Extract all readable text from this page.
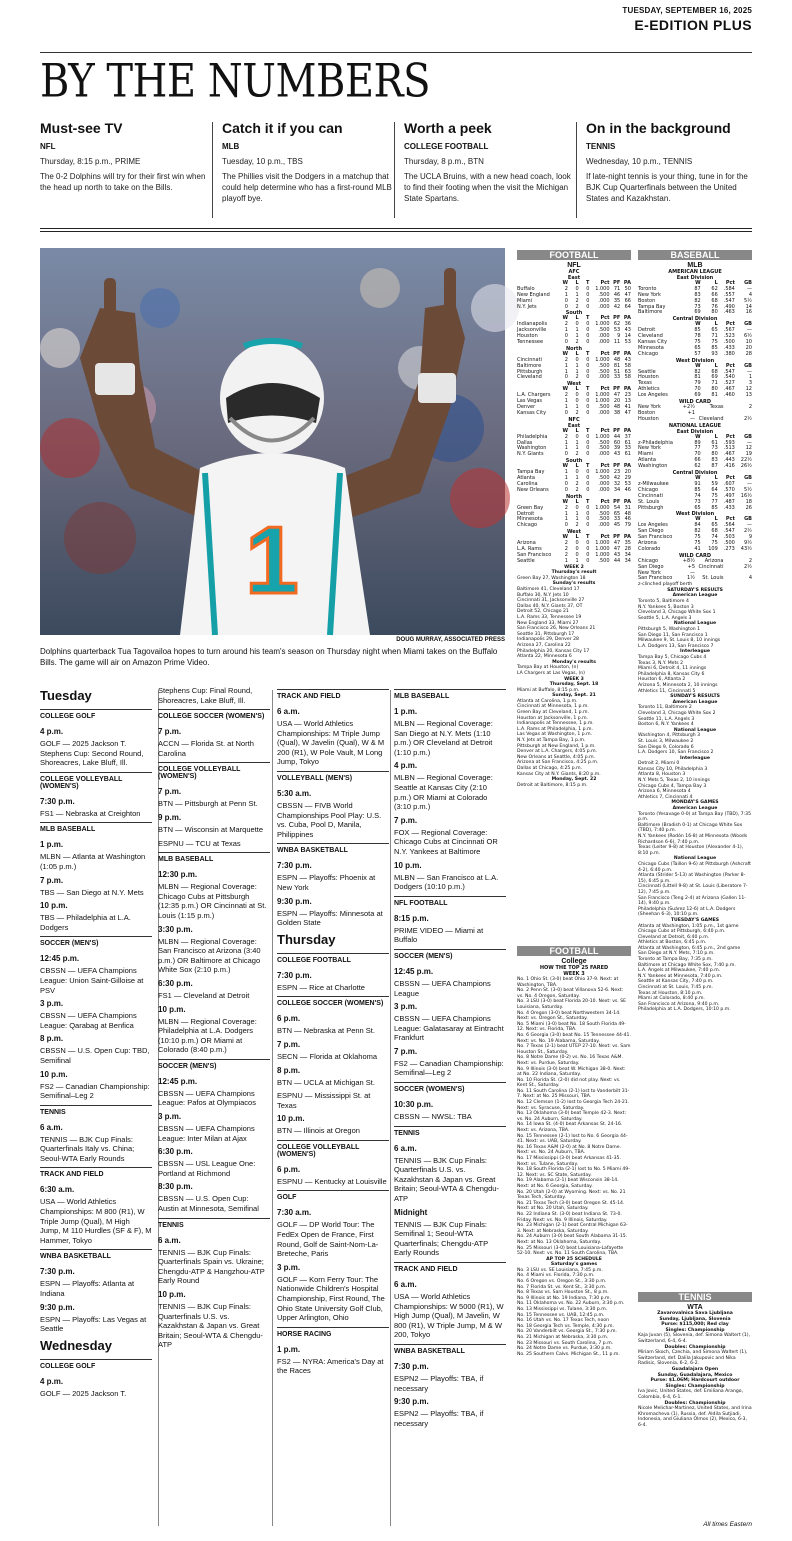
TUESDAY, SEPTEMBER 16, 2025
E-EDITION PLUS
BY THE NUMBERS
Must-see TV
NFL
Thursday, 8:15 p.m., PRIME
The 0-2 Dolphins will try for their first win when the head up north to take on the Bills.
Catch it if you can
MLB
Tuesday, 10 p.m., TBS
The Phillies visit the Dodgers in a matchup that could help determine who has a first-round MLB playoff bye.
Worth a peek
COLLEGE FOOTBALL
Thursday, 8 p.m., BTN
The UCLA Bruins, with a new head coach, look to find their footing when the visit the Michigan State Spartans.
On in the background
TENNIS
Wednesday, 10 p.m., TENNIS
If late-night tennis is your thing, tune in for the BJK Cup Quarterfinals between the United States and Kazakhstan.
1
DOUG MURRAY, ASSOCIATED PRESS
Dolphins quarterback Tua Tagovailoa hopes to turn around his team's season on Thursday night when Miami takes on the Buffalo Bills. The game will air on Amazon Prime Video.
Tuesday
COLLEGE GOLF
4 p.m.
GOLF — 2025 Jackson T. Stephens Cup: Second Round, Shoreacres, Lake Bluff, Ill.
COLLEGE VOLLEYBALL (WOMEN'S)
7:30 p.m.
FS1 — Nebraska at Creighton
MLB BASEBALL
1 p.m.
MLBN — Atlanta at Washington (1:05 p.m.)
7 p.m.
TBS — San Diego at N.Y. Mets
10 p.m.
TBS — Philadelphia at L.A. Dodgers
SOCCER (MEN'S)
12:45 p.m.
CBSSN — UEFA Champions League: Union Saint-Gilloise at PSV
3 p.m.
CBSSN — UEFA Champions League: Qarabag at Benfica
8 p.m.
CBSSN — U.S. Open Cup: TBD, Semifinal
10 p.m.
FS2 — Canadian Championship: Semifinal–Leg 2
TENNIS
6 a.m.
TENNIS — BJK Cup Finals: Quarterfinals Italy vs. China; Seoul-WTA Early Rounds
TRACK AND FIELD
6:30 a.m.
USA — World Athletics Championships: M 800 (R1), W Triple Jump (Qual), M High Jump, M 110 Hurdles (SF & F), M Hammer, Tokyo
WNBA BASKETBALL
7:30 p.m.
ESPN — Playoffs: Atlanta at Indiana
9:30 p.m.
ESPN — Playoffs: Las Vegas at Seattle
Wednesday
COLLEGE GOLF
4 p.m.
GOLF — 2025 Jackson T.
Stephens Cup: Final Round, Shoreacres, Lake Bluff, Ill.
COLLEGE SOCCER (WOMEN'S)
7 p.m.
ACCN — Florida St. at North Carolina
COLLEGE VOLLEYBALL (WOMEN'S)
7 p.m.
BTN — Pittsburgh at Penn St.
9 p.m.
BTN — Wisconsin at Marquette
ESPNU — TCU at Texas
MLB BASEBALL
12:30 p.m.
MLBN — Regional Coverage: Chicago Cubs at Pittsburgh (12:35 p.m.) OR Cincinnati at St. Louis (1:15 p.m.)
3:30 p.m.
MLBN — Regional Coverage: San Francisco at Arizona (3:40 p.m.) OR Baltimore at Chicago White Sox (2:10 p.m.)
6:30 p.m.
FS1 — Cleveland at Detroit
10 p.m.
MLBN — Regional Coverage: Philadelphia at L.A. Dodgers (10:10 p.m.) OR Miami at Colorado (8:40 p.m.)
SOCCER (MEN'S)
12:45 p.m.
CBSSN — UEFA Champions League: Pafos at Olympiacos
3 p.m.
CBSSN — UEFA Champions League: Inter Milan at Ajax
6:30 p.m.
CBSSN — USL League One: Portland at Richmond
8:30 p.m.
CBSSN — U.S. Open Cup: Austin at Minnesota, Semifinal
TENNIS
6 a.m.
TENNIS — BJK Cup Finals: Quarterfinals Spain vs. Ukraine; Chengdu-ATP & Hangzhou-ATP Early Round
10 p.m.
TENNIS — BJK Cup Finals: Quarterfinals U.S. vs. Kazakhstan & Japan vs. Great Britain; Seoul-WTA & Chengdu-ATP
TRACK AND FIELD
6 a.m.
USA — World Athletics Championships: M Triple Jump (Qual), W Javelin (Qual), W & M 200 (R1), W Pole Vault, M Long Jump, Tokyo
VOLLEYBALL (MEN'S)
5:30 a.m.
CBSSN — FIVB World Championships Pool Play: U.S. vs. Cuba, Pool D, Manila, Philippines
WNBA BASKETBALL
7:30 p.m.
ESPN — Playoffs: Phoenix at New York
9:30 p.m.
ESPN — Playoffs: Minnesota at Golden State
Thursday
COLLEGE FOOTBALL
7:30 p.m.
ESPN — Rice at Charlotte
COLLEGE SOCCER (WOMEN'S)
6 p.m.
BTN — Nebraska at Penn St.
7 p.m.
SECN — Florida at Oklahoma
8 p.m.
BTN — UCLA at Michigan St.
ESPNU — Mississippi St. at Texas
10 p.m.
BTN — Illinois at Oregon
COLLEGE VOLLEYBALL (WOMEN'S)
6 p.m.
ESPNU — Kentucky at Louisville
GOLF
7:30 a.m.
GOLF — DP World Tour: The FedEx Open de France, First Round, Golf de Saint-Nom-La-Breteche, Paris
3 p.m.
GOLF — Korn Ferry Tour: The Nationwide Children's Hospital Championship, First Round, The Ohio State University Golf Club, Upper Arlington, Ohio
HORSE RACING
1 p.m.
FS2 — NYRA: America's Day at the Races
MLB BASEBALL
1 p.m.
MLBN — Regional Coverage: San Diego at N.Y. Mets (1:10 p.m.) OR Cleveland at Detroit (1:10 p.m.)
4 p.m.
MLBN — Regional Coverage: Seattle at Kansas City (2:10 p.m.) OR Miami at Colorado (3:10 p.m.)
7 p.m.
FOX — Regional Coverage: Chicago Cubs at Cincinnati OR N.Y. Yankees at Baltimore
10 p.m.
MLBN — San Francisco at L.A. Dodgers (10:10 p.m.)
NFL FOOTBALL
8:15 p.m.
PRIME VIDEO — Miami at Buffalo
SOCCER (MEN'S)
12:45 p.m.
CBSSN — UEFA Champions League
3 p.m.
CBSSN — UEFA Champions League: Galatasaray at Eintracht Frankfurt
7 p.m.
FS2 — Canadian Championship: Semifinal—Leg 2
SOCCER (WOMEN'S)
10:30 p.m.
CBSSN — NWSL: TBA
TENNIS
6 a.m.
TENNIS — BJK Cup Finals: Quarterfinals U.S. vs. Kazakhstan & Japan vs. Great Britain; Seoul-WTA & Chengdu-ATP
Midnight
TENNIS — BJK Cup Finals: Semifinal 1; Seoul-WTA Quarterfinals; Chengdu-ATP Early Rounds
TRACK AND FIELD
6 a.m.
USA — World Athletics Championships: W 5000 (R1), W High Jump (Qual), M Javelin, W 800 (R1), W Triple Jump, M & W 200, Tokyo
WNBA BASKETBALL
7:30 p.m.
ESPN2 — Playoffs: TBA, if necessary
9:30 p.m.
ESPN2 — Playoffs: TBA, if necessary
FOOTBALL
NFL
AFC
East
	W	L	T	Pct	PF	PA
Buffalo	2	0	0	1.000	71	50
New England	1	1	0	.500	46	47
Miami	0	2	0	.000	35	66
N.Y. Jets	0	2	0	.000	42	64
South
	W	L	T	Pct	PF	PA
Indianapolis	2	0	0	1.000	62	36
Jacksonville	1	1	0	.500	53	43
Houston	0	1	0	.000	9	14
Tennessee	0	2	0	.000	11	53
North
	W	L	T	Pct	PF	PA
Cincinnati	2	0	0	1.000	48	43
Baltimore	1	1	0	.500	81	58
Pittsburgh	1	1	0	.500	51	63
Cleveland	0	2	0	.000	33	58
West
	W	L	T	Pct	PF	PA
L.A. Chargers	2	0	0	1.000	47	23
Las Vegas	1	0	0	1.000	20	13
Denver	1	1	0	.500	48	41
Kansas City	0	2	0	.000	38	47
NFC
East
	W	L	T	Pct	PF	PA
Philadelphia	2	0	0	1.000	44	37
Dallas	1	1	0	.500	60	61
Washington	1	1	0	.500	39	33
N.Y. Giants	0	2	0	.000	43	61
South
	W	L	T	Pct	PF	PA
Tampa Bay	1	0	0	1.000	23	20
Atlanta	1	1	0	.500	42	29
Carolina	0	2	0	.000	32	53
New Orleans	0	2	0	.000	34	46
North
	W	L	T	Pct	PF	PA
Green Bay	2	0	0	1.000	54	31
Detroit	1	1	0	.500	65	48
Minnesota	1	1	0	.500	33	46
Chicago	0	2	0	.000	45	79
West
	W	L	T	Pct	PF	PA
Arizona	2	0	0	1.000	47	35
L.A. Rams	2	0	0	1.000	47	28
San Francisco	2	0	0	1.000	43	34
Seattle	1	1	0	.500	44	34
WEEK 2
Thursday's result
Green Bay 27, Washington 18
Sunday's results
Baltimore 41, Cleveland 17
Buffalo 30, N.Y. Jets 10
Cincinnati 31, Jacksonville 27
Dallas 40, N.Y. Giants 37, OT
Detroit 52, Chicago 21
L.A. Rams 33, Tennessee 19
New England 33, Miami 27
San Francisco 26, New Orleans 21
Seattle 31, Pittsburgh 17
Indianapolis 29, Denver 28
Arizona 27, Carolina 22
Philadelphia 20, Kansas City 17
Atlanta 22, Minnesota 6
Monday's results
Tampa Bay at Houston, (n)
LA Chargers at Las Vegas, (n)
WEEK 3
Thursday, Sept. 18
Miami at Buffalo, 8:15 p.m.
Sunday, Sept. 21
Atlanta at Carolina, 1 p.m.
Cincinnati at Minnesota, 1 p.m.
Green Bay at Cleveland, 1 p.m.
Houston at Jacksonville, 1 p.m.
Indianapolis at Tennessee, 1 p.m.
L.A. Rams at Philadelphia, 1 p.m.
Las Vegas at Washington, 1 p.m.
N.Y. Jets at Tampa Bay, 1 p.m.
Pittsburgh at New England, 1 p.m.
Denver at L.A. Chargers, 4:05 p.m.
New Orleans at Seattle, 4:05 p.m.
Arizona at San Francisco, 4:25 p.m.
Dallas at Chicago, 4:25 p.m.
Kansas City at N.Y. Giants, 8:20 p.m.
Monday, Sept. 22
Detroit at Baltimore, 8:15 p.m.
FOOTBALL
College
HOW THE TOP 25 FARED
WEEK 3
No. 1 Ohio St. (3-0) beat Ohio 37-9. Next: at Washington, TBA.
No. 2 Penn St. (3-0) beat Villanova 52-6. Next: vs. No. 4 Oregon, Saturday.
No. 3 LSU (3-0) beat Florida 20-10. Next: vs. SE Louisiana, Saturday.
No. 4 Oregon (3-0) beat Northwestern 34-14. Next: vs. Oregon St., Saturday.
No. 5 Miami (3-0) beat No. 18 South Florida 49-12. Next: vs. Florida, TBA.
No. 6 Georgia (3-0) beat No. 15 Tennessee 44-41. Next: vs. No. 19 Alabama, Saturday.
No. 7 Texas (2-1) beat UTEP 27-10. Next: vs. Sam Houston St., Saturday.
No. 8 Notre Dame (0-2) vs. No. 16 Texas A&M. Next: vs. Purdue, Saturday.
No. 9 Illinois (3-0) beat W. Michigan 38-0. Next: at No. 22 Indiana, Saturday.
No. 10 Florida St. (2-0) did not play. Next: vs. Kent St., Saturday.
No. 11 South Carolina (2-1) lost to Vanderbilt 31-7. Next: at No. 25 Missouri, TBA.
No. 12 Clemson (1-2) lost to Georgia Tech 24-21. Next: vs. Syracuse, Saturday.
No. 13 Oklahoma (3-0) beat Temple 42-3. Next: vs. No. 24 Auburn, Saturday.
No. 14 Iowa St. (4-0) beat Arkansas St. 24-16. Next: vs. Arizona, TBA.
No. 15 Tennessee (2-1) lost to No. 6 Georgia 44-41. Next: vs. UAB, Saturday.
No. 16 Texas A&M (2-0) at No. 8 Notre Dame. Next: vs. No. 24 Auburn, TBA.
No. 17 Mississippi (3-0) beat Arkansas 41-35. Next: vs. Tulane, Saturday.
No. 18 South Florida (2-1) lost to No. 5 Miami 49-12. Next: vs. SC State, Saturday.
No. 19 Alabama (2-1) beat Wisconsin 38-14. Next: at No. 6 Georgia, Saturday.
No. 20 Utah (2-0) at Wyoming. Next: vs. No. 21 Texas Tech, Saturday.
No. 21 Texas Tech (3-0) beat Oregon St. 45-14. Next: at No. 20 Utah, Saturday.
No. 22 Indiana St. (3-0) beat Indiana St. 73-0. Friday. Next: vs. No. 9 Illinois, Saturday.
No. 23 Michigan (2-1) beat Central Michigan 63-3. Next: at Nebraska, Saturday.
No. 24 Auburn (3-0) beat South Alabama 31-15. Next: at No. 13 Oklahoma, Saturday.
No. 25 Missouri (3-0) beat Louisiana-Lafayette 52-10. Next: vs. No. 11 South Carolina, TBA.
AP TOP 25 SCHEDULE
Saturday's games
No. 3 LSU vs. SE Louisiana, 7:45 p.m.
No. 4 Miami vs. Florida, 7:30 p.m.
No. 6 Oregon vs. Oregon St., 3:30 p.m.
No. 7 Florida St. vs. Kent St., 3:30 p.m.
No. 8 Texas vs. Sam Houston St., 8 p.m.
No. 9 Illinois at No. 19 Indiana, 7:30 p.m.
No. 11 Oklahoma vs. No. 22 Auburn, 3:30 p.m.
No. 13 Mississippi vs. Tulane, 3:30 p.m.
No. 15 Tennessee vs. UAB, 12:45 p.m.
No. 16 Utah vs. No. 17 Texas Tech, noon
No. 18 Georgia Tech vs. Temple, 4:30 p.m.
No. 20 Vanderbilt vs. Georgia St., 7:30 p.m.
No. 21 Michigan at Nebraska, 3:30 p.m.
No. 23 Missouri vs. South Carolina, 7 p.m.
No. 24 Notre Dame vs. Purdue, 3:30 p.m.
No. 25 Southern Calvs. Michigan St., 11 p.m.
BASEBALL
MLB
AMERICAN LEAGUE
East Division
	W	L	Pct	GB
Toronto	87	62	.584	—
New York	83	66	.557	4
Boston	82	68	.547	5½
Tampa Bay	73	76	.490	14
Baltimore	69	80	.463	16
Central Division
	W	L	Pct	GB
Detroit	85	65	.567	—
Cleveland	78	71	.523	6½
Kansas City	75	75	.500	10
Minnesota	65	85	.433	20
Chicago	57	93	.380	28
West Division
	W	L	Pct	GB
Seattle	82	68	.547	—
Houston	81	69	.540	1
Texas	79	71	.527	3
Athletics	70	80	.467	12
Los Angeles	69	81	.460	13
WILD CARD
New York	+2½	Texas	2
Boston	+1		
Houston	—	Cleveland	2½
NATIONAL LEAGUE
East Division
	W	L	Pct	GB
z-Philadelphia	89	61	.593	—
New York	77	73	.513	12
Miami	70	80	.467	19
Atlanta	66	83	.443	22½
Washington	62	87	.416	26½
Central Division
	W	L	Pct	GB
z-Milwaukee	91	59	.607	—
Chicago	85	64	.570	5½
Cincinnati	74	75	.497	16½
St. Louis	73	77	.487	18
Pittsburgh	65	85	.433	26
West Division
	W	L	Pct	GB
Los Angeles	84	65	.564	—
San Diego	82	68	.547	2½
San Francisco	75	74	.503	9
Arizona	75	75	.500	9½
Colorado	41	109	.273	43½
WILD CARD
Chicago	+8½	Arizona	2
San Diego	+5	Cincinnati	2½
New York	—		
San Francisco	1½	St. Louis	4
z-clinched playoff berth
SATURDAY'S RESULTS
American League
Toronto 5, Baltimore 4
N.Y. Yankees 5, Boston 3
Cleveland 3, Chicago White Sox 1
Seattle 5, L.A. Angels 3
National League
Pittsburgh 5, Washington 1
San Diego 11, San Francisco 1
Milwaukee 9, St. Louis 8, 10 innings
L.A. Dodgers 13, San Francisco 7
Interleague
Tampa Bay 5, Chicago Cubs 4
Texas 3, N.Y. Mets 2
Miami 6, Detroit 4, 11 innings
Philadelphia 8, Kansas City 6
Houston 6, Atlanta 2
Arizona 5, Minnesota 2, 10 innings
Athletics 11, Cincinnati 5
SUNDAY'S RESULTS
American League
Toronto 11, Baltimore 2
Cleveland 3, Chicago White Sox 2
Seattle 11, L.A. Angels 3
Boston 6, N.Y. Yankees 4
National League
Washington 4, Pittsburgh 3
St. Louis 3, Milwaukee 2
San Diego 9, Colorado 6
L.A. Dodgers 10, San Francisco 2
Interleague
Detroit 2, Miami 0
Kansas City 10, Philadelphia 3
Atlanta 8, Houston 3
N.Y. Mets 5, Texas 2, 10 innings
Chicago Cubs 4, Tampa Bay 3
Arizona 6, Minnesota 4
Athletics 7, Cincinnati 4
MONDAY'S GAMES
American League
Toronto (Yesavage 0-0) at Tampa Bay (TBD), 7:35 p.m.
Baltimore (Bradish 0-1) at Chicago White Sox (TBD), 7:40 p.m.
N.Y. Yankees (Rodón 16-8) at Minnesota (Woods Richardson 6-6), 7:40 p.m.
Texas (Leiter 9-8) at Houston (Alexander 4-1), 8:10 p.m.
National League
Chicago Cubs (Taillon 9-6) at Pittsburgh (Ashcraft 4-2), 6:40 p.m.
Atlanta (Strider 5-13) at Washington (Parker 8-15), 6:45 p.m.
Cincinnati (Littell 9-8) at St. Louis (Liberatore 7-12), 7:45 p.m.
San Francisco (Teng 2-4) at Arizona (Gallen 11-14), 9:40 p.m.
Philadelphia (Suárez 12-6) at L.A. Dodgers (Sheehan 6-3), 10:10 p.m.
TUESDAY'S GAMES
Atlanta at Washington, 1:05 p.m., 1st game
Chicago Cubs at Pittsburgh, 6:40 p.m.
Cleveland at Detroit, 6:40 p.m.
Athletics at Boston, 6:45 p.m.
Atlanta at Washington, 6:45 p.m., 2nd game
San Diego at N.Y. Mets, 7:10 p.m.
Toronto at Tampa Bay, 7:35 p.m.
Baltimore at Chicago White Sox, 7:40 p.m.
L.A. Angels at Milwaukee, 7:40 p.m.
N.Y. Yankees at Minnesota, 7:40 p.m.
Seattle at Kansas City, 7:40 p.m.
Cincinnati at St. Louis, 7:45 p.m.
Texas at Houston, 8:10 p.m.
Miami at Colorado, 8:40 p.m.
San Francisco at Arizona, 9:40 p.m.
Philadelphia at L.A. Dodgers, 10:10 p.m.
TENNIS
WTA
Zavarovalnica Sava Ljubljana
Sunday, Ljubljana, Slovenia
Purse: $115,000; Red clay
Singles: Championship
Kaja Juvan (5), Slovenia, def. Simona Waltert (1), Switzerland, 6-4, 6-4.
Doubles: Championship
Miriam Skoch, Czechia, and Simona Waltert (1), Switzerland, def. Dalila Jakupovic and Nika Radisic, Slovenia, 6-2, 6-2.
Guadalajara Open
Sunday, Guadalajara, Mexico
Purse: $1.06M; Hardcourt outdoor
Singles: Championship
Iva Jovic, United States, def. Emiliana Arango, Colombia, 6-4, 6-1.
Doubles: Championship
Nicole Melichar-Martinez, United States, and Irina Khromacheva (1), Russia, def. Aldila Sutjiadi, Indonesia, and Giuliana Olmos (2), Mexico, 6-3, 6-4.
All times Eastern
